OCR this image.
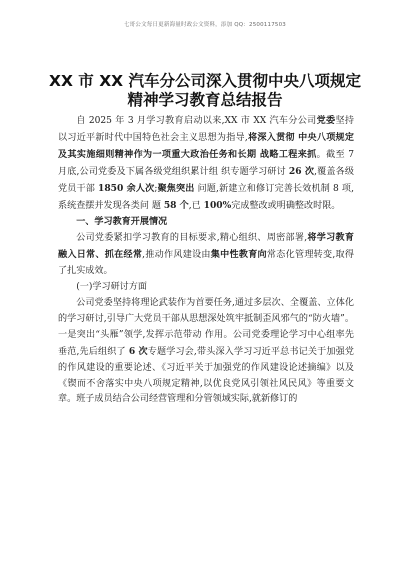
七哥公文每日更新海量时政公文资料，添加 QQ：2500117503
XX 市 XX 汽车分公司深入贯彻中央八项规定
精神学习教育总结报告

自 2025 年 3 月学习教育启动以来,XX 市 XX 汽车分公司党委坚持以习近平新时代中国特色社会主义思想为指导,将深入贯彻 中央八项规定及其实施细则精神作为一项重大政治任务和长期 战略工程来抓。截至 7 月底,公司党委及下属各级党组织累计组 织专题学习研讨 26 次,覆盖各级党员干部 1850 余人次;聚焦突出 问题,新建立和修订完善长效机制 8 项,系统查摆并发现各类问 题 58 个,已 100%完成整改或明确整改时限。

一、学习教育开展情况

公司党委紧扣学习教育的目标要求,精心组织、周密部署,将学习教育融入日常、抓在经常,推动作风建设由集中性教育向常态化管理转变,取得了扎实成效。

(一)学习研讨方面

公司党委坚持将理论武装作为首要任务,通过多层次、全覆盖、立体化的学习研讨,引导广大党员干部从思想深处筑牢抵制歪风邪气的“防火墙”。一是突出“头雁”领学,发挥示范带动 作用。公司党委理论学习中心组率先垂范,先后组织了 6 次专题学习会,带头深入学习习近平总书记关于加强党的作风建设的重要论述、《习近平关于加强党的作风建设论述摘编》以及《锲而不舍落实中央八项规定精神,以优良党风引领社风民风》等重要文章。班子成员结合公司经营管理和分管领域实际,就新修订的
